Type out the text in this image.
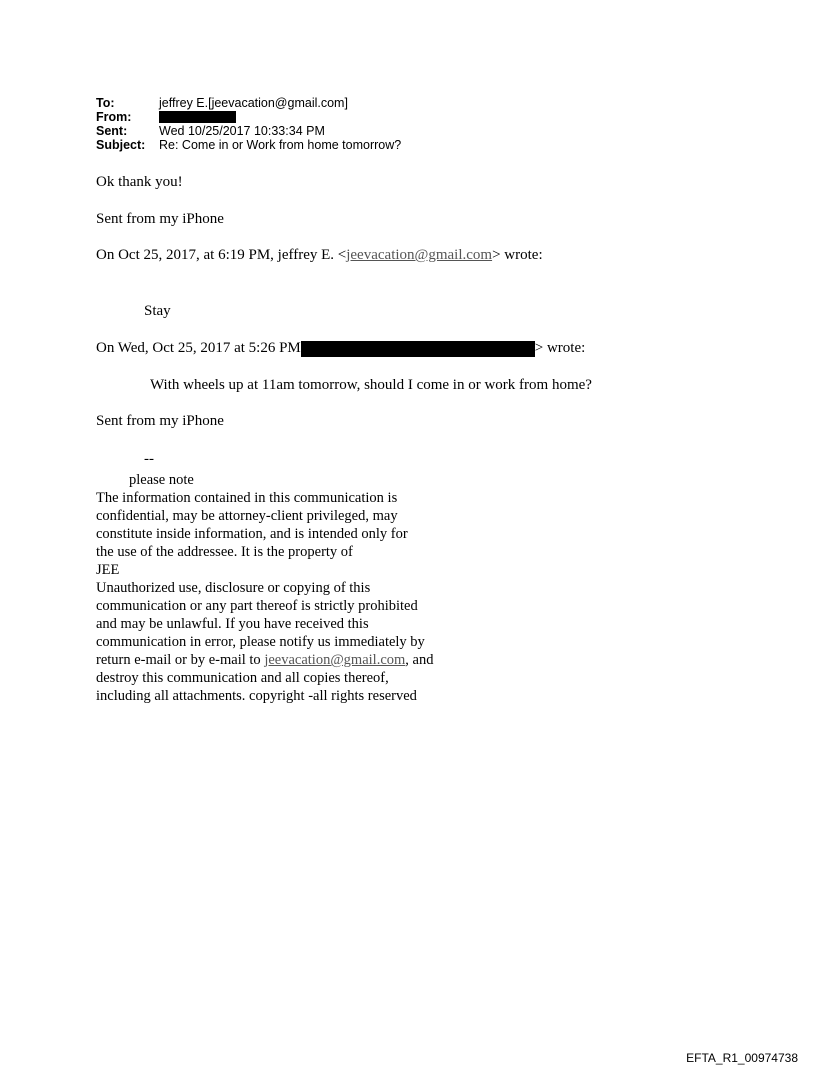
To:	jeffrey E.[jeevacation@gmail.com]
From:
Sent:	Wed 10/25/2017 10:33:34 PM
Subject:	Re: Come in or Work from home tomorrow?
Ok thank you!
Sent from my iPhone
On Oct 25, 2017, at 6:19 PM, jeffrey E. <jeevacation@gmail.com> wrote:
Stay
On Wed, Oct 25, 2017 at 5:26 PM	> wrote:
With wheels up at 11am tomorrow, should I come in or work from home?
Sent from my iPhone
--
please note
The information contained in this communication is
confidential, may be attorney-client privileged, may
constitute inside information, and is intended only for
the use of the addressee. It is the property of
JEE
Unauthorized use, disclosure or copying of this
communication or any part thereof is strictly prohibited
and may be unlawful. If you have received this
communication in error, please notify us immediately by
return e-mail or by e-mail to jeevacation@gmail.com, and
destroy this communication and all copies thereof,
including all attachments. copyright -all rights reserved
EFTA_R1_00974738
